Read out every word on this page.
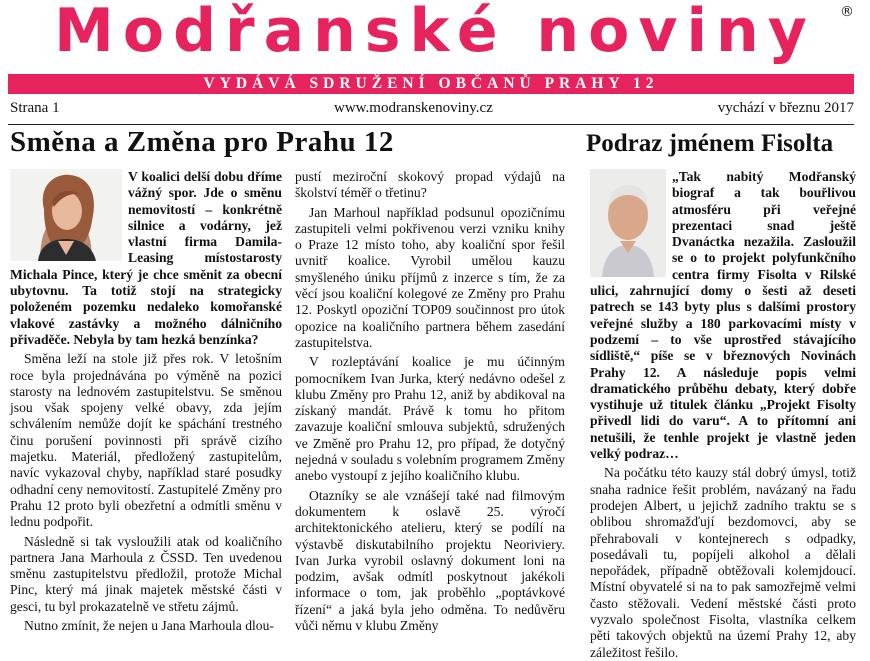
Modřanské noviny	®
VYDÁVÁ SDRUŽENÍ OBČANŮ PRAHY 12
Strana 1	www.modranskenoviny.cz	vychází v březnu 2017
Směna a Změna pro Prahu 12	Podraz jménem Fisolta

V koalici delší dobu dříme vážný spor. Jde o směnu nemovitostí – konkrétně silnice a vodárny, jež vlastní firma Damila-Leasing místostarosty Michala Pince, který je chce směnit za obecní ubytovnu. Ta totiž stojí na strategicky položeném pozemku nedaleko komořanské vlakové zastávky a možného dálničního přivaděče. Nebyla by tam hezká benzínka?

Směna leží na stole již přes rok. V letošním roce byla projednávána po výměně na pozici starosty na lednovém zastupitelstvu. Se směnou jsou však spojeny velké obavy, zda jejím schválením nemůže dojít ke spáchání trestného činu porušení povinnosti při správě cizího majetku. Materiál, předložený zastupitelům, navíc vykazoval chyby, například staré posudky odhadní ceny nemovitostí. Zastupitelé Změny pro Prahu 12 proto byli obezřetní a odmítli směnu v lednu podpořit.

Následně si tak vysloužili atak od koaličního partnera Jana Marhoula z ČSSD. Ten uvedenou směnu zastupitelstvu předložil, protože Michal Pinc, který má jinak majetek městské části v gesci, tu byl prokazatelně ve střetu zájmů.

Nutno zmínit, že nejen u Jana Marhoula dlou-

pustí meziroční skokový propad výdajů na školství téměř o třetinu?

Jan Marhoul například podsunul opozičnímu zastupiteli velmi pokřivenou verzi vzniku knihy o Praze 12 místo toho, aby koaliční spor řešil uvnitř koalice. Vyrobil umělou kauzu smyšleného úniku příjmů z inzerce s tím, že za věcí jsou koaliční kolegové ze Změny pro Prahu 12. Poskytl opoziční TOP09 součinnost pro útok opozice na koaličního partnera během zasedání zastupitelstva.

V rozleptávání koalice je mu účinným pomocníkem Ivan Jurka, který nedávno odešel z klubu Změny pro Prahu 12, aniž by abdikoval na získaný mandát. Právě k tomu ho přitom zavazuje koaliční smlouva subjektů, sdružených ve Změně pro Prahu 12, pro případ, že dotyčný nejedná v souladu s volebním programem Změny anebo vystoupí z jejího koaličního klubu.

Otazníky se ale vznášejí také nad filmovým dokumentem k oslavě 25. výročí architektonického atelieru, který se podílí na výstavbě diskutabilního projektu Neoriviery. Ivan Jurka vyrobil oslavný dokument loni na podzim, avšak odmítl poskytnout jakékoli informace o tom, jak proběhlo „poptávkové řízení“ a jaká byla jeho odměna. To nedůvěru vůči němu v klubu Změny

„Tak nabitý Modřanský biograf a tak bouřlivou atmosféru při veřejné prezentaci snad ještě Dvanáctka nezažila. Zasloužil se o to projekt polyfunkčního centra firmy Fisolta v Rilské ulici, zahrnující domy o šesti až deseti patrech se 143 byty plus s dalšími prostory veřejné služby a 180 parkovacími místy v podzemí – to vše uprostřed stávajícího sídliště,“ píše se v březnových Novinách Prahy 12. A následuje popis velmi dramatického průběhu debaty, který dobře vystihuje už titulek článku „Projekt Fisolty přivedl lidi do varu“. A to přítomní ani netušili, že tenhle projekt je vlastně jeden velký podraz…

Na počátku této kauzy stál dobrý úmysl, totiž snaha radnice řešit problém, navázaný na řadu prodejen Albert, u jejichž zadního traktu se s oblibou shromažďují bezdomovci, aby se přehrabovali v kontejnerech s odpadky, posedávali tu, popíjeli alkohol a dělali nepořádek, případně obtěžovali kolemjdoucí. Místní obyvatelé si na to pak samozřejmě velmi často stěžovali. Vedení městské části proto vyzvalo společnost Fisolta, vlastníka celkem pěti takových objektů na území Prahy 12, aby záležitost řešilo.
